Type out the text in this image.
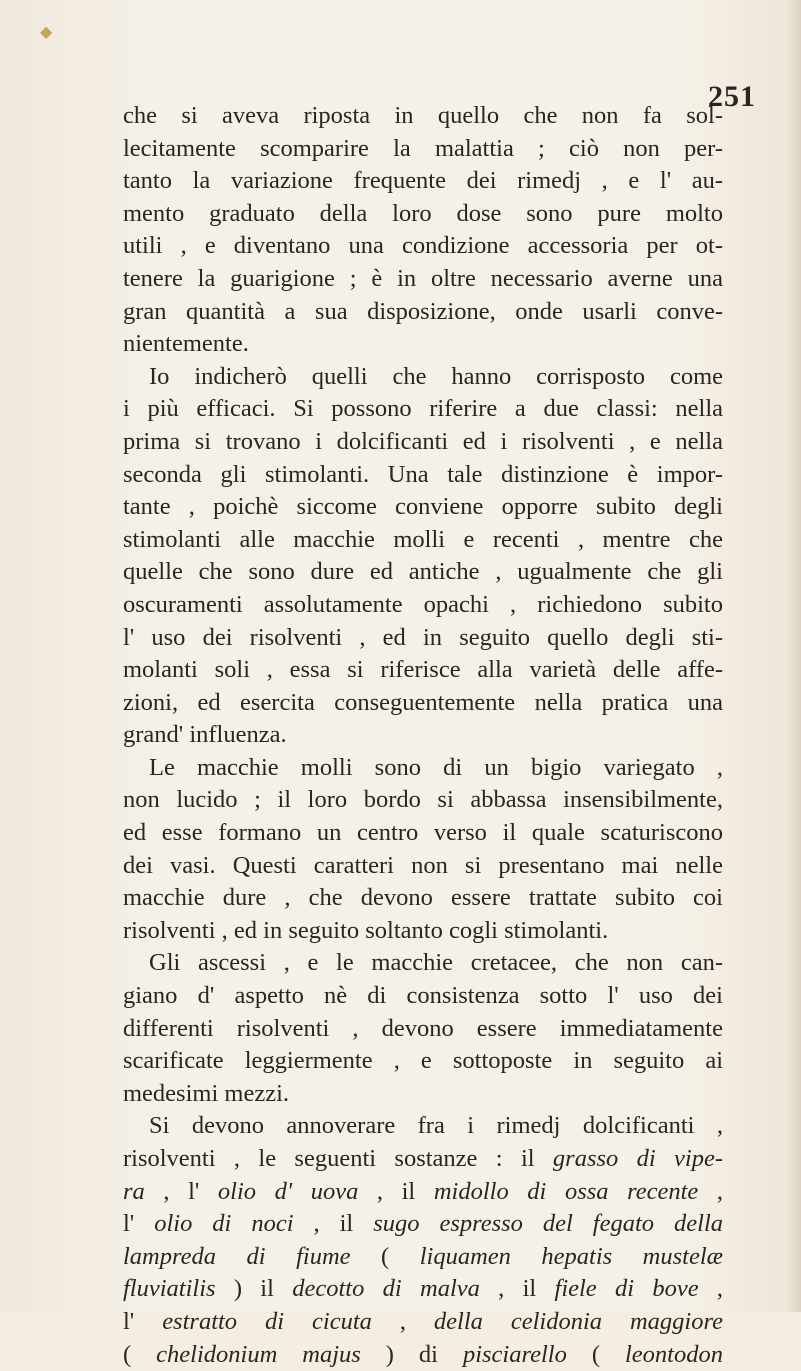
◆
251
che si aveva riposta in quello che non fa sol-
lecitamente scomparire la malattia ; ciò non per-
tanto la variazione frequente dei rimedj , e l' au-
mento graduato della loro dose sono pure molto
utili , e diventano una condizione accessoria per ot-
tenere la guarigione ; è in oltre necessario averne una
gran quantità a sua disposizione, onde usarli conve-
nientemente.
Io indicherò quelli che hanno corrisposto come
i più efficaci. Si possono riferire a due classi: nella
prima si trovano i dolcificanti ed i risolventi , e nella
seconda gli stimolanti. Una tale distinzione è impor-
tante , poichè siccome conviene opporre subito degli
stimolanti alle macchie molli e recenti , mentre che
quelle che sono dure ed antiche , ugualmente che gli
oscuramenti assolutamente opachi , richiedono subito
l' uso dei risolventi , ed in seguito quello degli sti-
molanti soli , essa si riferisce alla varietà delle affe-
zioni, ed esercita conseguentemente nella pratica una
grand' influenza.
Le macchie molli sono di un bigio variegato ,
non lucido ; il loro bordo si abbassa insensibilmente,
ed esse formano un centro verso il quale scaturiscono
dei vasi. Questi caratteri non si presentano mai nelle
macchie dure , che devono essere trattate subito coi
risolventi , ed in seguito soltanto cogli stimolanti.
Gli ascessi , e le macchie cretacee, che non can-
giano d' aspetto nè di consistenza sotto l' uso dei
differenti risolventi , devono essere immediatamente
scarificate leggiermente , e sottoposte in seguito ai
medesimi mezzi.
Si devono annoverare fra i rimedj dolcificanti ,
risolventi , le seguenti sostanze : il grasso di vipe-
ra , l' olio d' uova , il midollo di ossa recente ,
l' olio di noci , il sugo espresso del fegato della
lampreda di fiume ( liquamen hepatis mustelæ
fluviatilis ) il decotto di malva , il fiele di bove ,
l' estratto di cicuta , della celidonia maggiore
( chelidonium majus ) di pisciarello ( leontodon
